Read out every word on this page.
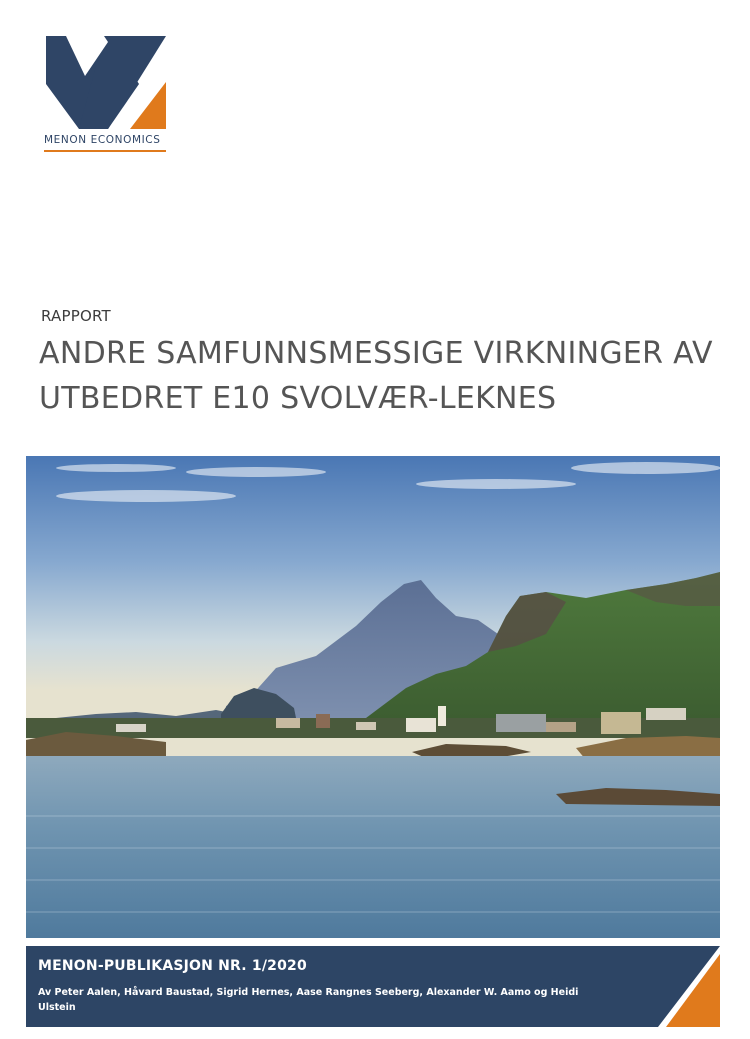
MENON ECONOMICS
RAPPORT
ANDRE SAMFUNNSMESSIGE VIRKNINGER AV
UTBEDRET E10 SVOLVÆR-LEKNES
MENON-PUBLIKASJON NR. 1/2020
Av Peter Aalen, Håvard Baustad, Sigrid Hernes, Aase Rangnes Seeberg, Alexander W. Aamo og Heidi Ulstein
